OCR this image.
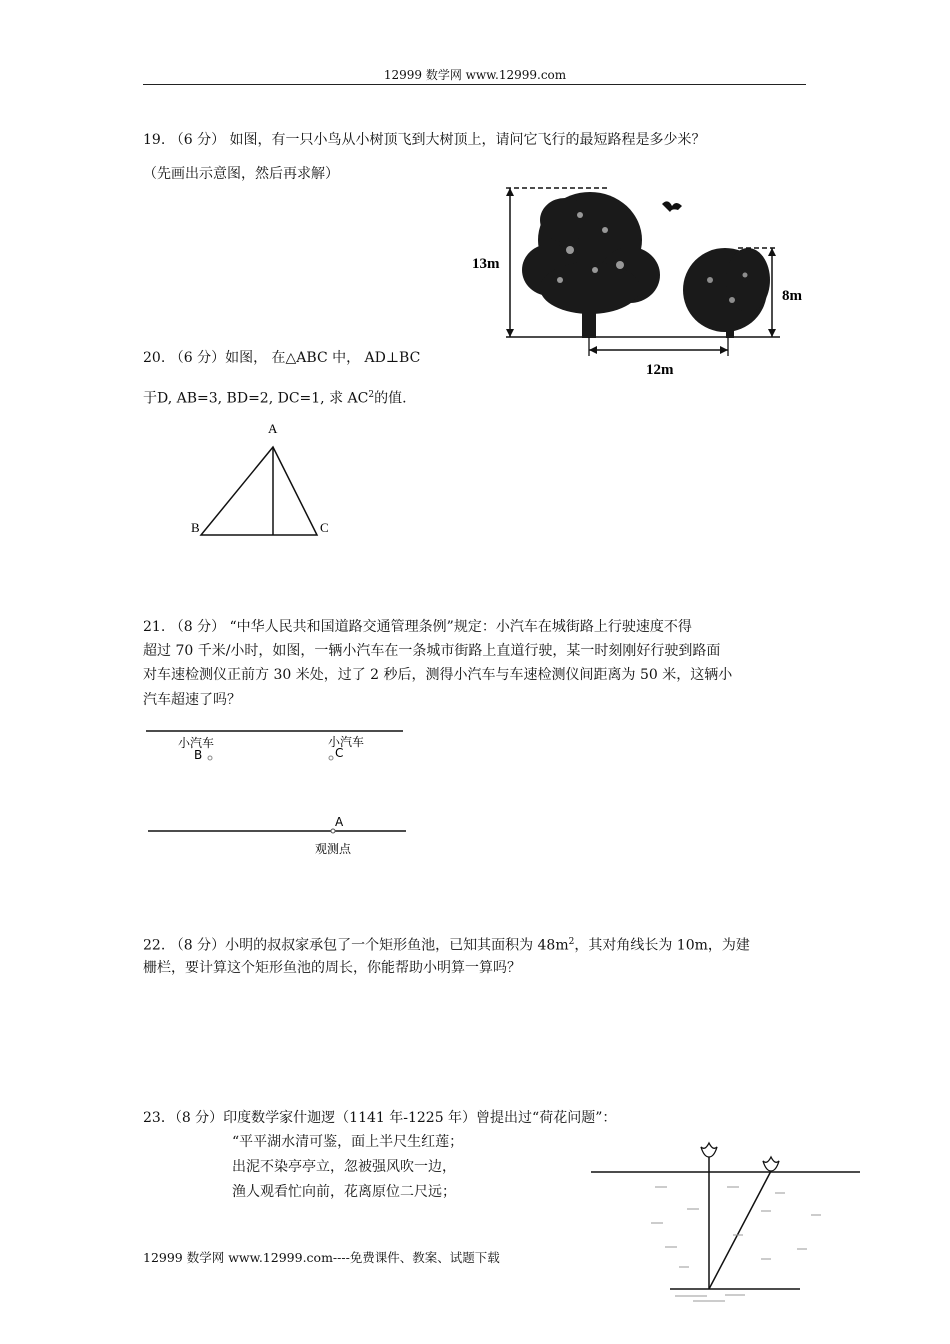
12999 数学网 www.12999.com
19. （6 分） 如图，有一只小鸟从小树顶飞到大树顶上，请问它飞行的最短路程是多少米？
（先画出示意图，然后再求解）
13m
8m
12m
20. （6 分）如图， 在△ABC 中， AD⊥BC
于D, AB=3, BD=2, DC=1, 求 $AC^2$的值.
A
B	C
21. （8 分） “中华人民共和国道路交通管理条例”规定：小汽车在城街路上行驶速度不得
超过 70 千米/小时，如图，一辆小汽车在一条城市街路上直道行驶，某一时刻刚好行驶到路面
对车速检测仪正前方 30 米处，过了 2 秒后，测得小汽车与车速检测仪间距离为 50 米，这辆小
汽车超速了吗？
小汽车	小汽车
B	C
A
观测点
22. （8 分）小明的叔叔家承包了一个矩形鱼池，已知其面积为 $48m^2$，其对角线长为 10m，为建
栅栏，要计算这个矩形鱼池的周长，你能帮助小明算一算吗？
23．（8 分）印度数学家什迦逻（1141 年-1225 年）曾提出过“荷花问题”：
“平平湖水清可鉴，面上半尺生红莲；
出泥不染亭亭立，忽被强风吹一边，
渔人观看忙向前，花离原位二尺远；
12999 数学网 www.12999.com----免费课件、教案、试题下载
